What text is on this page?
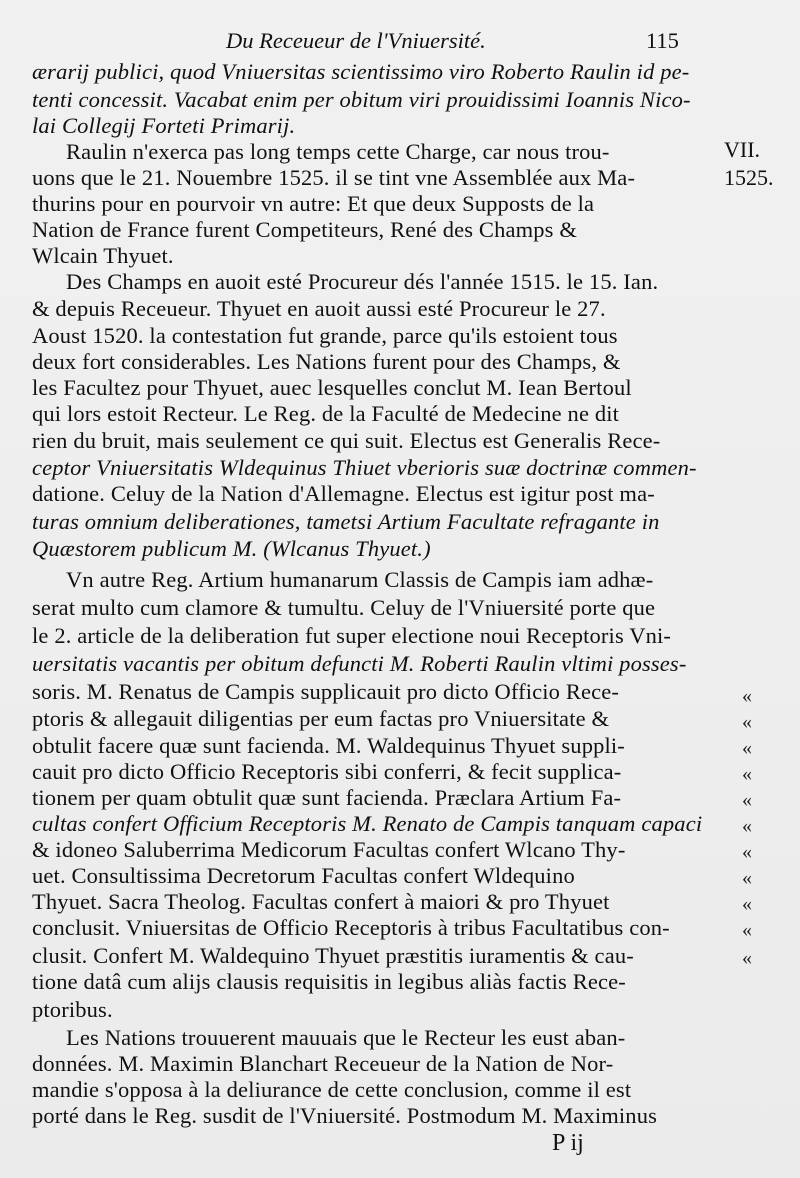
Du Receueur de l'Vniuersité.	115
VII.
1525.
ærarij publici, quod Vniuersitas scientissimo viro Roberto Raulin id pe-
tenti concessit. Vacabat enim per obitum viri prouidissimi Ioannis Nico-
lai Collegij Forteti Primarij.
Raulin n'exerca pas long temps cette Charge, car nous trou-
uons que le 21. Nouembre 1525. il se tint vne Assemblée aux Ma-
thurins pour en pourvoir vn autre: Et que deux Supposts de la
Nation de France furent Competiteurs, René des Champs &
Wlcain Thyuet.
Des Champs en auoit esté Procureur dés l'année 1515. le 15. Ian.
& depuis Receueur. Thyuet en auoit aussi esté Procureur le 27.
Aoust 1520. la contestation fut grande, parce qu'ils estoient tous
deux fort considerables. Les Nations furent pour des Champs, &
les Facultez pour Thyuet, auec lesquelles conclut M. Iean Bertoul
qui lors estoit Recteur. Le Reg. de la Faculté de Medecine ne dit
rien du bruit, mais seulement ce qui suit. Electus est Generalis Rece-
ceptor Vniuersitatis Wldequinus Thiuet vberioris suæ doctrinæ commen-
datione. Celuy de la Nation d'Allemagne. Electus est igitur post ma-
turas omnium deliberationes, tametsi Artium Facultate refragante in
Quæstorem publicum M. (Wlcanus Thyuet.)
Vn autre Reg. Artium humanarum Classis de Campis iam adhæ-
serat multo cum clamore & tumultu. Celuy de l'Vniuersité porte que
le 2. article de la deliberation fut super electione noui Receptoris Vni-
uersitatis vacantis per obitum defuncti M. Roberti Raulin vltimi posses-
soris. M. Renatus de Campis supplicauit pro dicto Officio Rece-
ptoris & allegauit diligentias per eum factas pro Vniuersitate &
obtulit facere quæ sunt facienda. M. Waldequinus Thyuet suppli-
cauit pro dicto Officio Receptoris sibi conferri, & fecit supplica-
tionem per quam obtulit quæ sunt facienda. Præclara Artium Fa-
cultas confert Officium Receptoris M. Renato de Campis tanquam capaci
& idoneo Saluberrima Medicorum Facultas confert Wlcano Thy-
uet. Consultissima Decretorum Facultas confert Wldequino
Thyuet. Sacra Theolog. Facultas confert à maiori & pro Thyuet
conclusit. Vniuersitas de Officio Receptoris à tribus Facultatibus con-
clusit. Confert M. Waldequino Thyuet præstitis iuramentis & cau-
tione datâ cum alijs clausis requisitis in legibus aliàs factis Rece-
ptoribus.
Les Nations trouuerent mauuais que le Recteur les eust aban-
données. M. Maximin Blanchart Receueur de la Nation de Nor-
mandie s'opposa à la deliurance de cette conclusion, comme il est
porté dans le Reg. susdit de l'Vniuersité. Postmodum M. Maximinus
«
«
«
«
«
«
«
«
«
«
«
P ij
